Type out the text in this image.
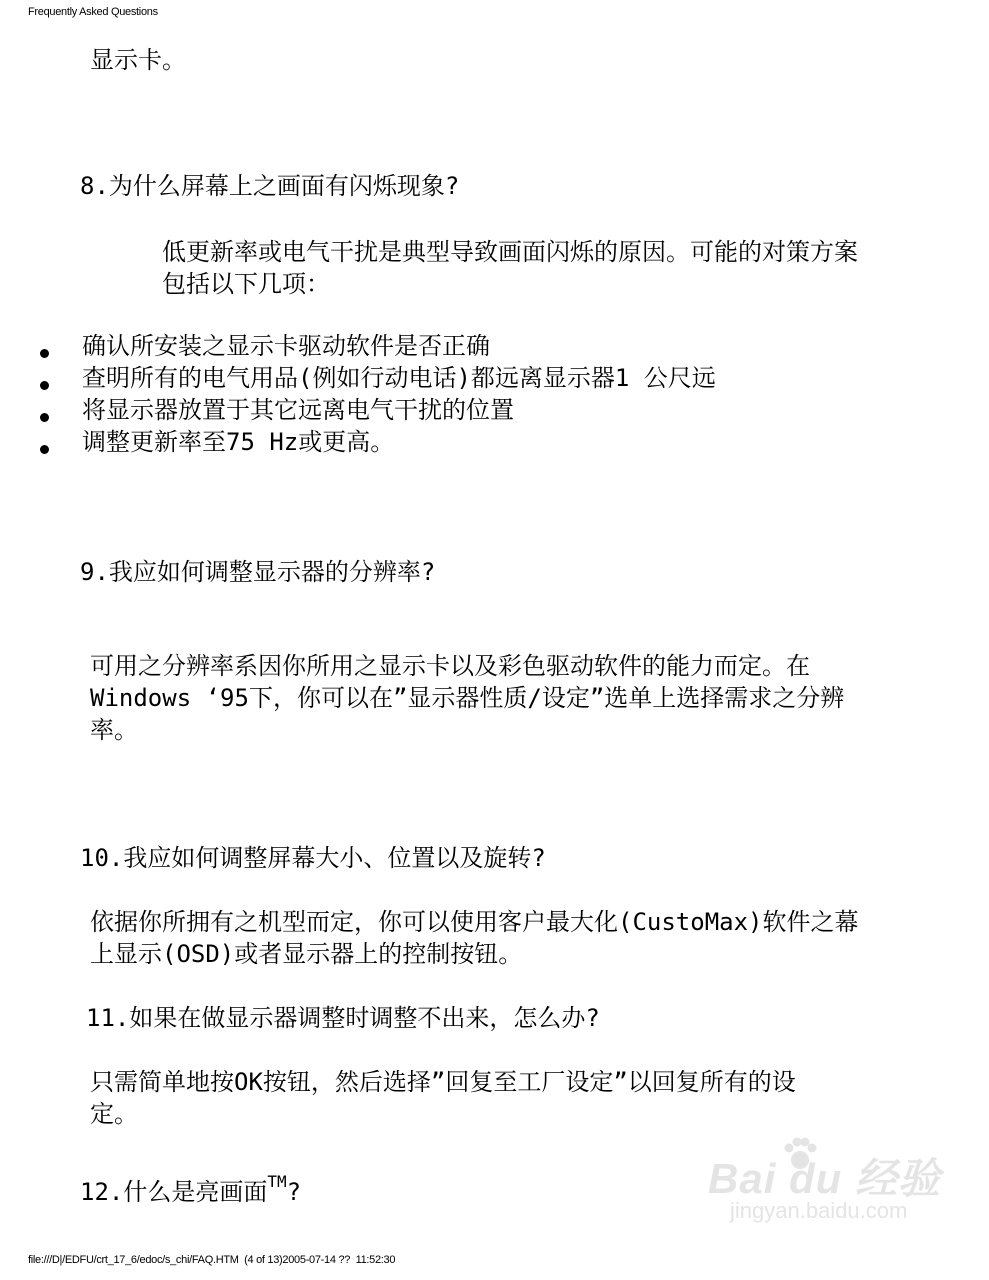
Frequently Asked Questions
显示卡。
8.为什么屏幕上之画面有闪烁现象?
低更新率或电气干扰是典型导致画面闪烁的原因。可能的对策方案
包括以下几项：
确认所安装之显示卡驱动软件是否正确
查明所有的电气用品(例如行动电话)都远离显示器1 公尺远
将显示器放置于其它远离电气干扰的位置
调整更新率至75 Hz或更高。
9.我应如何调整显示器的分辨率?
可用之分辨率系因你所用之显示卡以及彩色驱动软件的能力而定。在
Windows ‘95下，你可以在”显示器性质/设定”选单上选择需求之分辨
率。
10.我应如何调整屏幕大小、位置以及旋转?
依据你所拥有之机型而定，你可以使用客户最大化(CustoMax)软件之幕
上显示(OSD)或者显示器上的控制按钮。
11.如果在做显示器调整时调整不出来，怎么办?
只需简单地按OK按钮，然后选择”回复至工厂设定”以回复所有的设
定。
12.什么是亮画面™?	Bai du 经验
jingyan.baidu.com
file:///D|/EDFU/crt_17_6/edoc/s_chi/FAQ.HTM  (4 of 13)2005-07-14 ??  11:52:30
